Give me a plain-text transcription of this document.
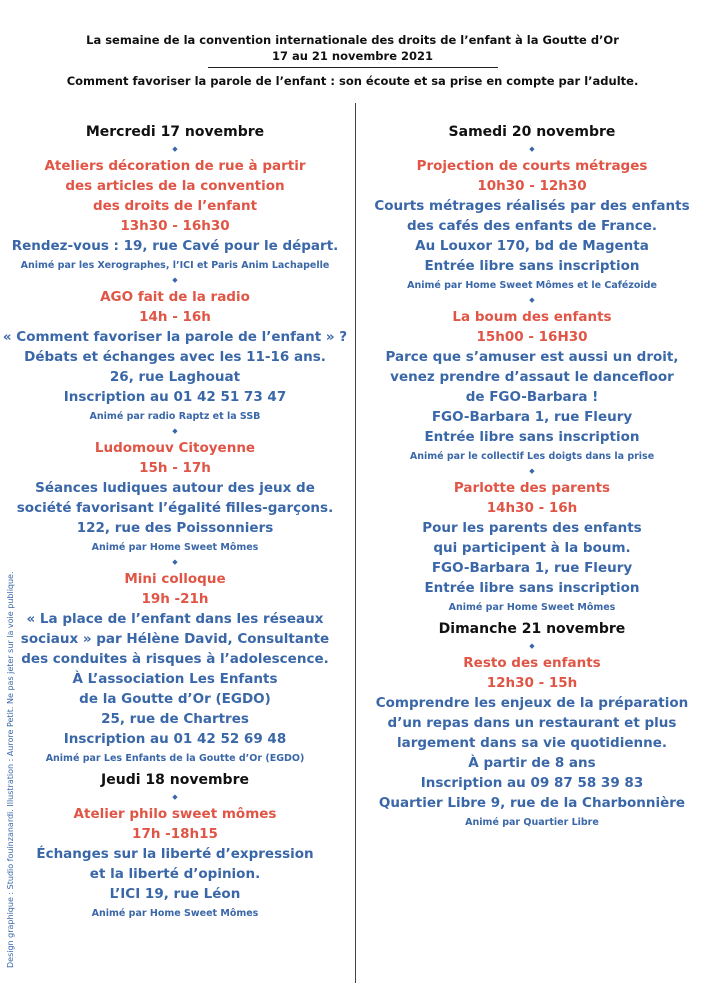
La semaine de la convention internationale des droits de l’enfant à la Goutte d’Or
17 au 21 novembre 2021
Comment favoriser la parole de l’enfant : son écoute et sa prise en compte par l’adulte.
Mercredi 17 novembre
◆
Ateliers décoration de rue à partir
des articles de la convention
des droits de l’enfant
13h30 - 16h30
Rendez-vous : 19, rue Cavé pour le départ.
Animé par les Xerographes, l’ICI et Paris Anim Lachapelle
◆
AGO fait de la radio
14h - 16h
« Comment favoriser la parole de l’enfant » ?
Débats et échanges avec les 11-16 ans.
26, rue Laghouat
Inscription au 01 42 51 73 47
Animé par radio Raptz et la SSB
◆
Ludomouv Citoyenne
15h - 17h
Séances ludiques autour des jeux de
société favorisant l’égalité filles-garçons.
122, rue des Poissonniers
Animé par Home Sweet Mômes
◆
Mini colloque
19h -21h
« La place de l’enfant dans les réseaux
sociaux » par Hélène David, Consultante
des conduites à risques à l’adolescence.
À L’association Les Enfants
de la Goutte d’Or (EGDO)
25, rue de Chartres
Inscription au 01 42 52 69 48
Animé par Les Enfants de la Goutte d’Or (EGDO)
Jeudi 18 novembre
◆
Atelier philo sweet mômes
17h -18h15
Échanges sur la liberté d’expression
et la liberté d’opinion.
L’ICI 19, rue Léon
Animé par Home Sweet Mômes
Samedi 20 novembre
◆
Projection de courts métrages
10h30 - 12h30
Courts métrages réalisés par des enfants
des cafés des enfants de France.
Au Louxor 170, bd de Magenta
Entrée libre sans inscription
Animé par Home Sweet Mômes et le Cafézoide
◆
La boum des enfants
15h00 - 16H30
Parce que s’amuser est aussi un droit,
venez prendre d’assaut le dancefloor
de FGO-Barbara !
FGO-Barbara 1, rue Fleury
Entrée libre sans inscription
Animé par le collectif Les doigts dans la prise
◆
Parlotte des parents
14h30 - 16h
Pour les parents des enfants
qui participent à la boum.
FGO-Barbara 1, rue Fleury
Entrée libre sans inscription
Animé par Home Sweet Mômes
Dimanche 21 novembre
◆
Resto des enfants
12h30 - 15h
Comprendre les enjeux de la préparation
d’un repas dans un restaurant et plus
largement dans sa vie quotidienne.
À partir de 8 ans
Inscription au 09 87 58 39 83
Quartier Libre 9, rue de la Charbonnière
Animé par Quartier Libre
Design graphique : Studio fouinzanardi. Illustration : Aurore Petit. Ne pas jeter sur la voie publique.
